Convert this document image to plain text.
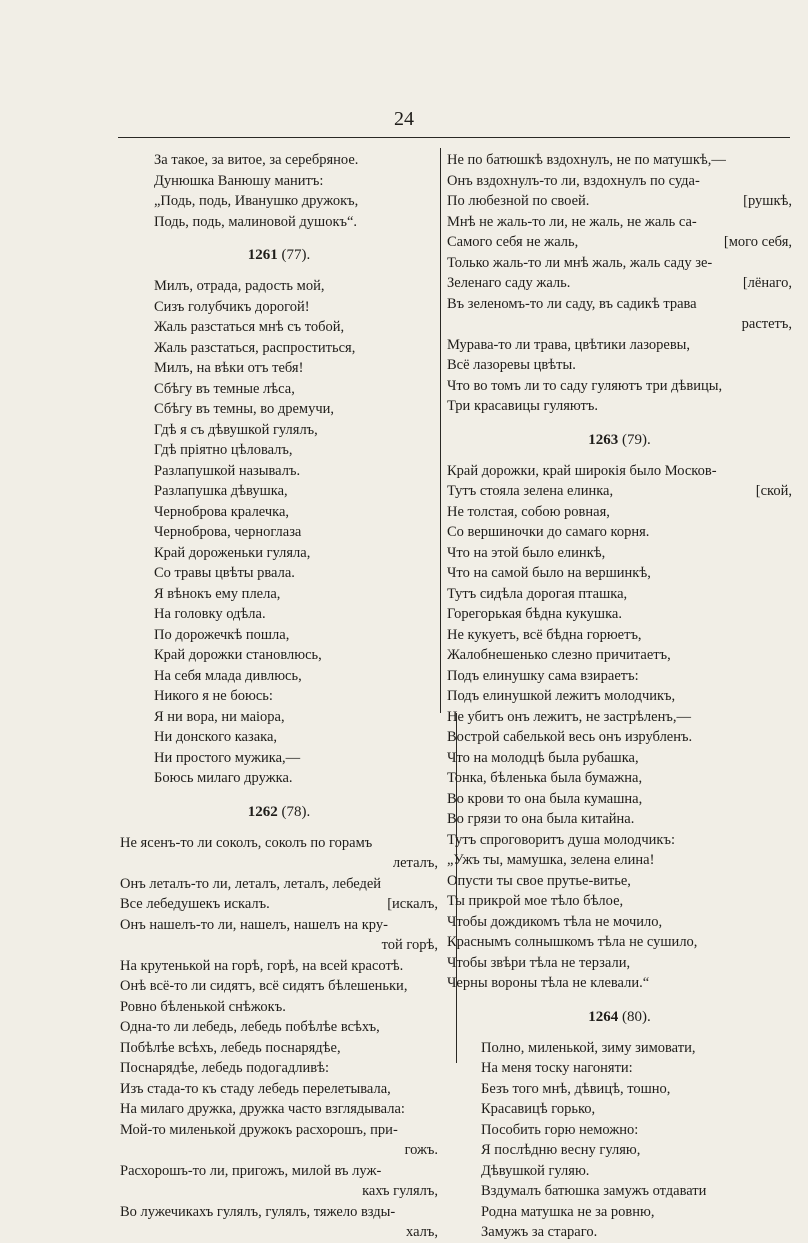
24
За такое, за витое, за серебряное.
Дунюшка Ванюшу манитъ:
„Подь, подь, Иванушко дружокъ,
Подь, подь, малиновой душокъ“.
1261 (77).
Милъ, отрада, радость мой,
Сизъ голубчикъ дорогой!
Жаль разстаться мнѣ съ тобой,
Жаль разстаться, распроститься,
Милъ, на вѣки отъ тебя!
Сбѣгу въ темные лѣса,
Сбѣгу въ темны, во дремучи,
Гдѣ я съ дѣвушкой гулялъ,
Гдѣ пріятно цѣловалъ,
Разлапушкой называлъ.
Разлапушка дѣвушка,
Черноброва кралечка,
Черноброва, черноглаза
Край дороженьки гуляла,
Со травы цвѣты рвала.
Я вѣнокъ ему плела,
На головку одѣла.
По дорожечкѣ пошла,
Край дорожки становлюсь,
На себя млада дивлюсь,
Никого я не боюсь:
Я ни вора, ни маіора,
Ни донского казака,
Ни простого мужика,—
Боюсь милаго дружка.
1262 (78).
Не ясенъ-то ли соколъ, соколъ по горамъ
леталъ,
Онъ леталъ-то ли, леталъ, леталъ, лебедей
Все лебедушекъ искалъ.	[искалъ,
Онъ нашелъ-то ли, нашелъ, нашелъ на кру-
той горѣ,
На крутенькой на горѣ, горѣ, на всей красотѣ.
Онѣ всё-то ли сидятъ, всё сидятъ бѣлешеньки,
Ровно бѣленькой снѣжокъ.
Одна-то ли лебедь, лебедь побѣлѣе всѣхъ,
Побѣлѣе всѣхъ, лебедь поснарядѣе,
Поснарядѣе, лебедь подогадливѣ:
Изъ стада-то къ стаду лебедь перелетывала,
На милаго дружка, дружка часто взглядывала:
Мой-то миленькой дружокъ расхорошъ, при-
гожъ.
Расхорошъ-то ли, пригожъ, милой въ луж-
кахъ гулялъ,
Во лужечикахъ гулялъ, гулялъ, тяжело взды-
халъ,
Не по батюшкѣ вздохнулъ, не по матушкѣ,—
Онъ вздохнулъ-то ли, вздохнулъ по суда-
По любезной по своей.	[рушкѣ,
Мнѣ не жаль-то ли, не жаль, не жаль са-
Самого себя не жаль,	[мого себя,
Только жаль-то ли мнѣ жаль, жаль саду зе-
Зеленаго саду жаль.	[лёнаго,
Въ зеленомъ-то ли саду, въ садикѣ трава
растетъ,
Мурава-то ли трава, цвѣтики лазоревы,
Всё лазоревы цвѣты.
Что во томъ ли то саду гуляютъ три дѣвицы,
Три красавицы гуляютъ.
1263 (79).
Край дорожки, край широкія было Москов-
Тутъ стояла зелена елинка,	[ской,
Не толстая, собою ровная,
Со вершиночки до самаго корня.
Что на этой было елинкѣ,
Что на самой было на вершинкѣ,
Тутъ сидѣла дорогая пташка,
Горегорькая бѣдна кукушка.
Не кукуетъ, всё бѣдна горюетъ,
Жалобнешенько слезно причитаетъ,
Подъ елинушку сама взираетъ:
Подъ елинушкой лежитъ молодчикъ,
Не убитъ онъ лежитъ, не застрѣленъ,—
Вострой сабелькой весь онъ изрубленъ.
Что на молодцѣ была рубашка,
Тонка, бѣленька была бумажна,
Во крови то она была кумашна,
Во грязи то она была китайна.
Тутъ спроговоритъ душа молодчикъ:
„Ужъ ты, мамушка, зелена елина!
Опусти ты свое прутье-витье,
Ты прикрой мое тѣло бѣлое,
Чтобы дождикомъ тѣла не мочило,
Краснымъ солнышкомъ тѣла не сушило,
Чтобы звѣри тѣла не терзали,
Черны вороны тѣла не клевали.“
1264 (80).
Полно, миленькой, зиму зимовати,
На меня тоску нагоняти:
Безъ того мнѣ, дѣвицѣ, тошно,
Красавицѣ горько,
Пособить горю неможно:
Я послѣдню весну гуляю,
Дѣвушкой гуляю.
Вздумалъ батюшка замужъ отдавати
Родна матушка не за ровню,
Замужъ за стараго.
